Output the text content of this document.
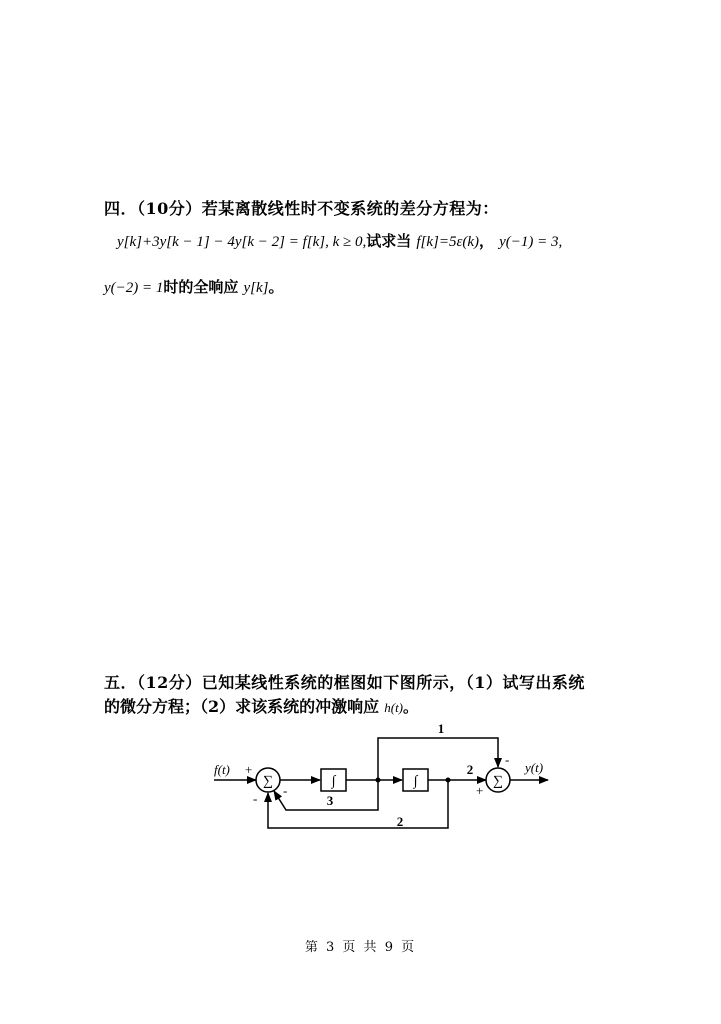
四．（10分）若某离散线性时不变系统的差分方程为：
y[k]+3y[k − 1] − 4y[k − 2] = f[k], k ≥ 0,试求当 f[k]=5ε(k)， y(−1) = 3,
y(−2) = 1时的全响应 y[k]。
五．（12分）已知某线性系统的框图如下图所示，（1）试写出系统
的微分方程；（2）求该系统的冲激响应 h(t)。
f(t)	y(t)
∑	∑
∫	∫
1
2
3
2
+
-
-
-
+
第 3 页 共 9 页
